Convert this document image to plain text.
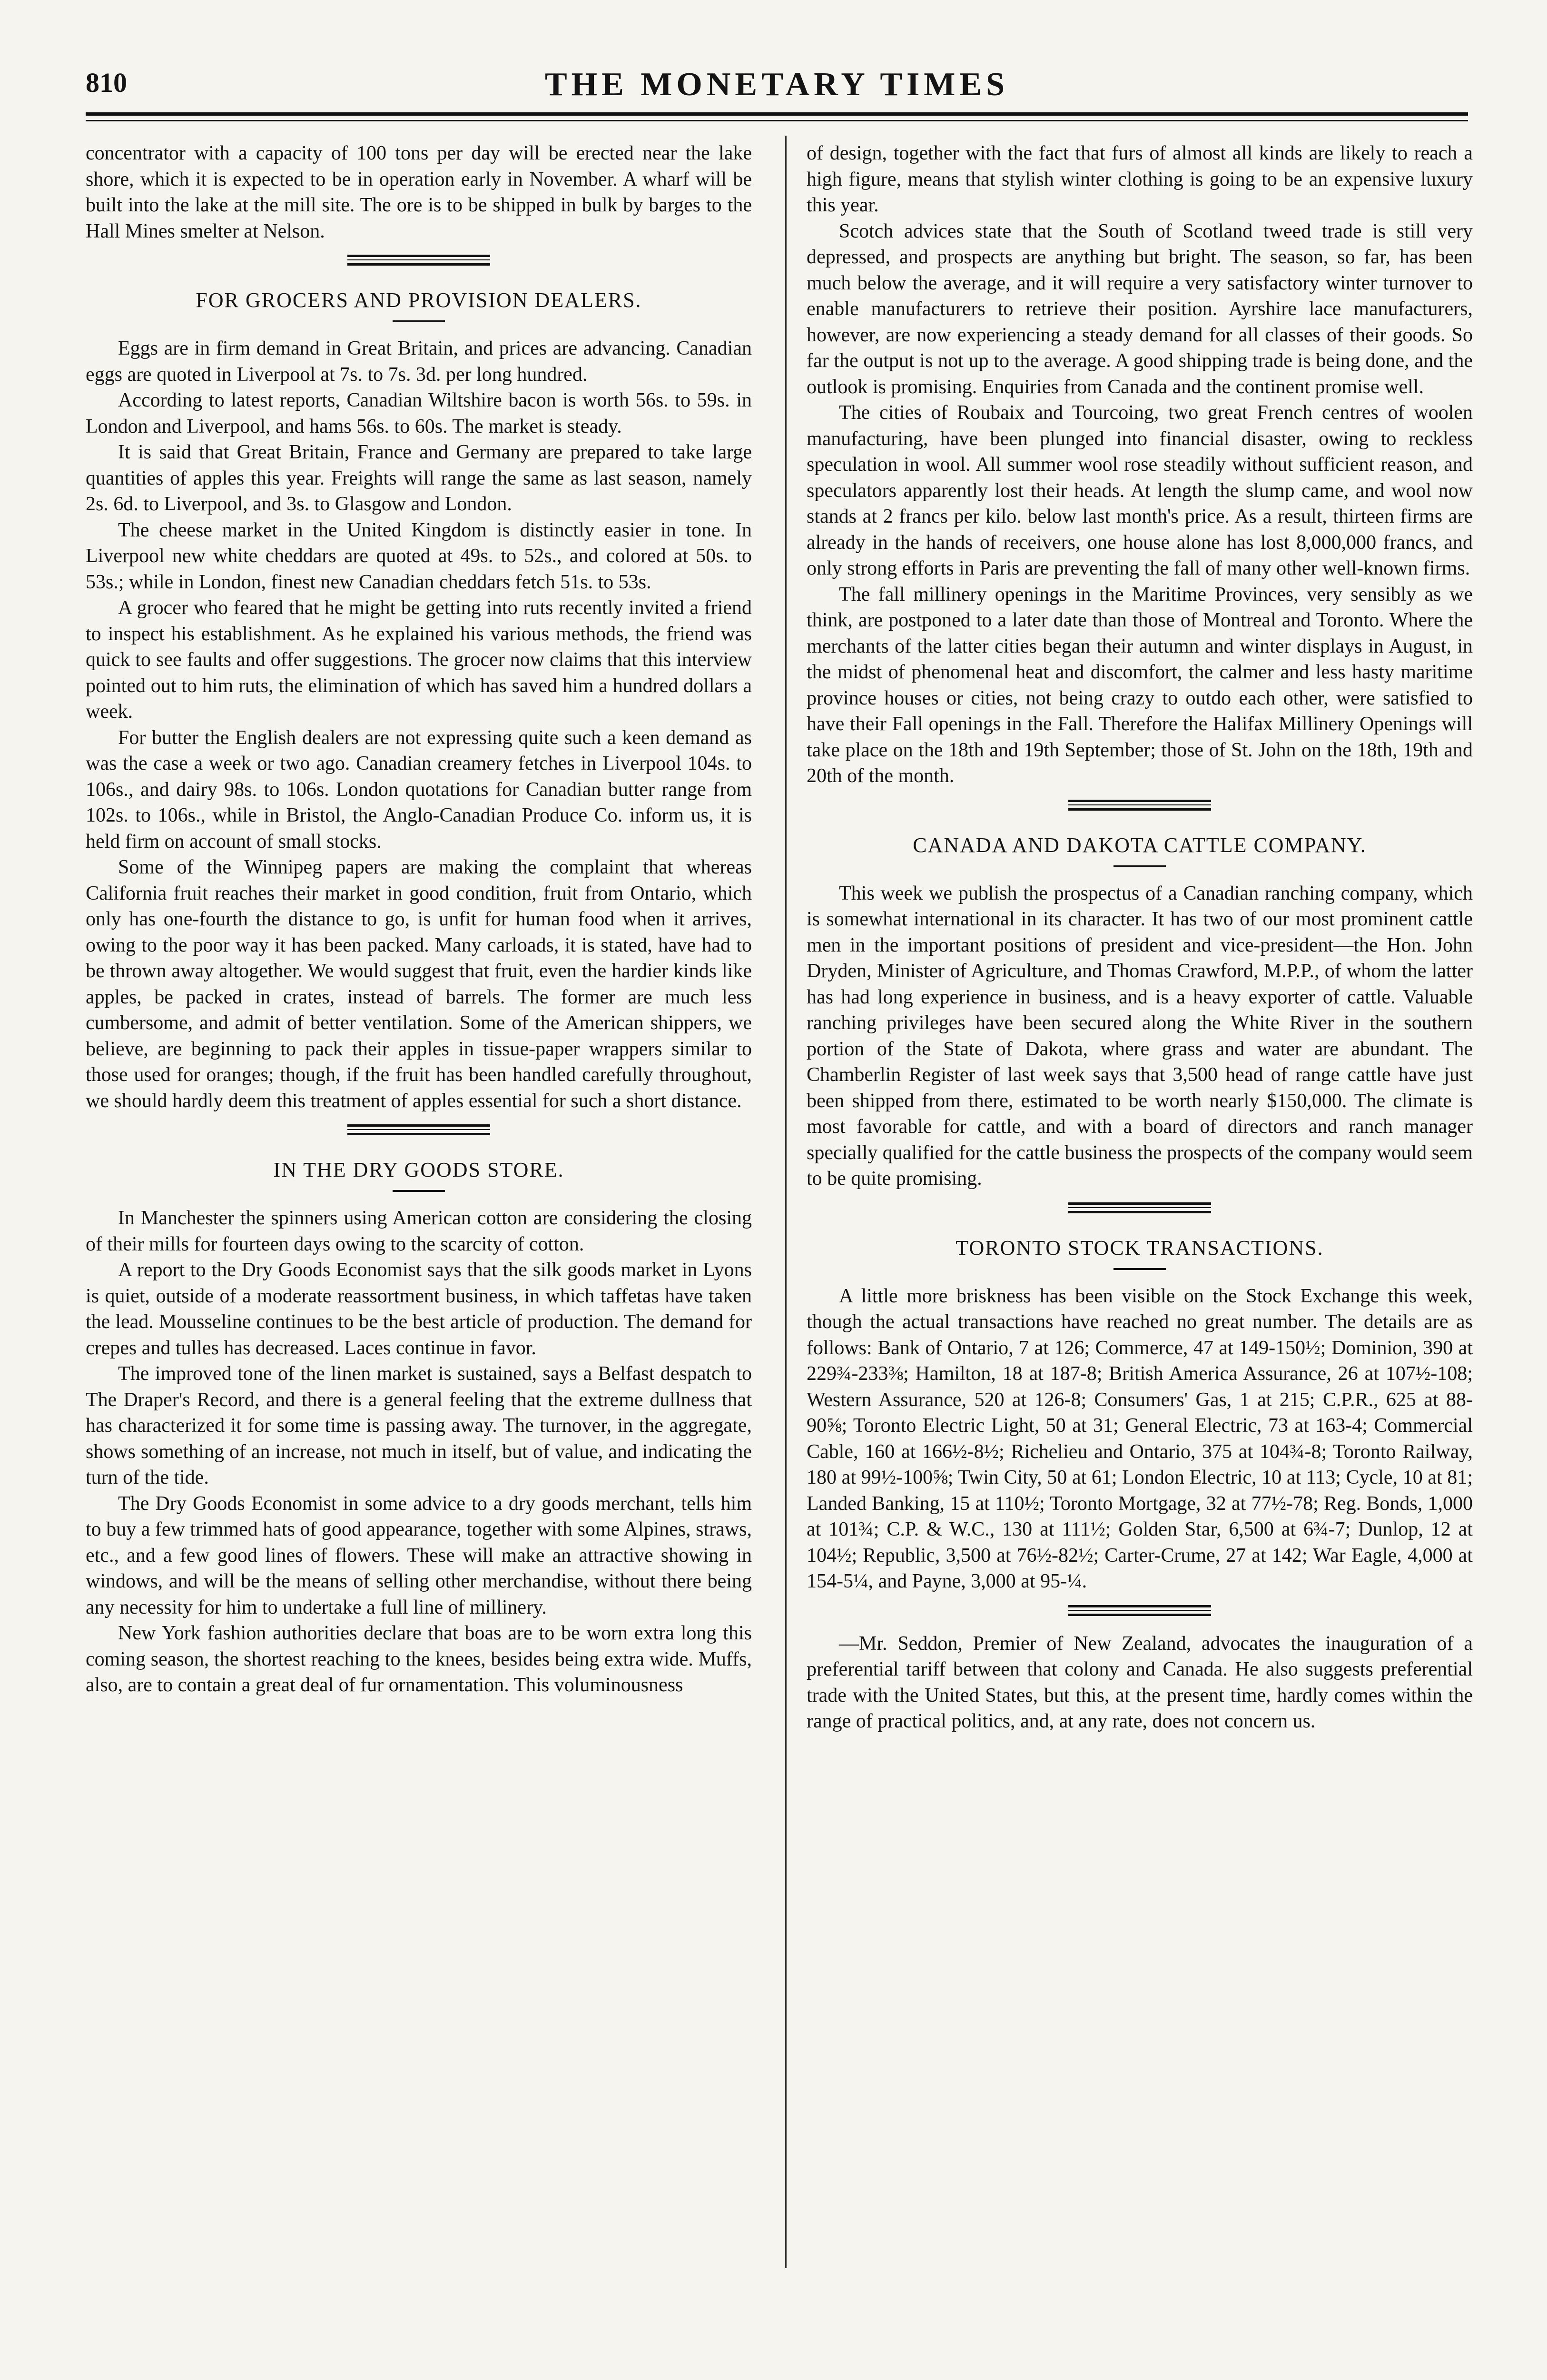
810	THE MONETARY TIMES

concentrator with a capacity of 100 tons per day will be erected near the lake shore, which it is expected to be in operation early in November. A wharf will be built into the lake at the mill site. The ore is to be shipped in bulk by barges to the Hall Mines smelter at Nelson.

FOR GROCERS AND PROVISION DEALERS.

Eggs are in firm demand in Great Britain, and prices are advancing. Canadian eggs are quoted in Liverpool at 7s. to 7s. 3d. per long hundred.

According to latest reports, Canadian Wiltshire bacon is worth 56s. to 59s. in London and Liverpool, and hams 56s. to 60s. The market is steady.

It is said that Great Britain, France and Germany are prepared to take large quantities of apples this year. Freights will range the same as last season, namely 2s. 6d. to Liverpool, and 3s. to Glasgow and London.

The cheese market in the United Kingdom is distinctly easier in tone. In Liverpool new white cheddars are quoted at 49s. to 52s., and colored at 50s. to 53s.; while in London, finest new Canadian cheddars fetch 51s. to 53s.

A grocer who feared that he might be getting into ruts recently invited a friend to inspect his establishment. As he explained his various methods, the friend was quick to see faults and offer suggestions. The grocer now claims that this interview pointed out to him ruts, the elimination of which has saved him a hundred dollars a week.

For butter the English dealers are not expressing quite such a keen demand as was the case a week or two ago. Canadian creamery fetches in Liverpool 104s. to 106s., and dairy 98s. to 106s. London quotations for Canadian butter range from 102s. to 106s., while in Bristol, the Anglo-Canadian Produce Co. inform us, it is held firm on account of small stocks.

Some of the Winnipeg papers are making the complaint that whereas California fruit reaches their market in good condition, fruit from Ontario, which only has one-fourth the distance to go, is unfit for human food when it arrives, owing to the poor way it has been packed. Many carloads, it is stated, have had to be thrown away altogether. We would suggest that fruit, even the hardier kinds like apples, be packed in crates, instead of barrels. The former are much less cumbersome, and admit of better ventilation. Some of the American shippers, we believe, are beginning to pack their apples in tissue-paper wrappers similar to those used for oranges; though, if the fruit has been handled carefully throughout, we should hardly deem this treatment of apples essential for such a short distance.

IN THE DRY GOODS STORE.

In Manchester the spinners using American cotton are considering the closing of their mills for fourteen days owing to the scarcity of cotton.

A report to the Dry Goods Economist says that the silk goods market in Lyons is quiet, outside of a moderate reassortment business, in which taffetas have taken the lead. Mousseline continues to be the best article of production. The demand for crepes and tulles has decreased. Laces continue in favor.

The improved tone of the linen market is sustained, says a Belfast despatch to The Draper's Record, and there is a general feeling that the extreme dullness that has characterized it for some time is passing away. The turnover, in the aggregate, shows something of an increase, not much in itself, but of value, and indicating the turn of the tide.

The Dry Goods Economist in some advice to a dry goods merchant, tells him to buy a few trimmed hats of good appearance, together with some Alpines, straws, etc., and a few good lines of flowers. These will make an attractive showing in windows, and will be the means of selling other merchandise, without there being any necessity for him to undertake a full line of millinery.

New York fashion authorities declare that boas are to be worn extra long this coming season, the shortest reaching to the knees, besides being extra wide. Muffs, also, are to contain a great deal of fur ornamentation. This voluminousness

of design, together with the fact that furs of almost all kinds are likely to reach a high figure, means that stylish winter clothing is going to be an expensive luxury this year.

Scotch advices state that the South of Scotland tweed trade is still very depressed, and prospects are anything but bright. The season, so far, has been much below the average, and it will require a very satisfactory winter turnover to enable manufacturers to retrieve their position. Ayrshire lace manufacturers, however, are now experiencing a steady demand for all classes of their goods. So far the output is not up to the average. A good shipping trade is being done, and the outlook is promising. Enquiries from Canada and the continent promise well.

The cities of Roubaix and Tourcoing, two great French centres of woolen manufacturing, have been plunged into financial disaster, owing to reckless speculation in wool. All summer wool rose steadily without sufficient reason, and speculators apparently lost their heads. At length the slump came, and wool now stands at 2 francs per kilo. below last month's price. As a result, thirteen firms are already in the hands of receivers, one house alone has lost 8,000,000 francs, and only strong efforts in Paris are preventing the fall of many other well-known firms.

The fall millinery openings in the Maritime Provinces, very sensibly as we think, are postponed to a later date than those of Montreal and Toronto. Where the merchants of the latter cities began their autumn and winter displays in August, in the midst of phenomenal heat and discomfort, the calmer and less hasty maritime province houses or cities, not being crazy to outdo each other, were satisfied to have their Fall openings in the Fall. Therefore the Halifax Millinery Openings will take place on the 18th and 19th September; those of St. John on the 18th, 19th and 20th of the month.

CANADA AND DAKOTA CATTLE COMPANY.

This week we publish the prospectus of a Canadian ranching company, which is somewhat international in its character. It has two of our most prominent cattle men in the important positions of president and vice-president—the Hon. John Dryden, Minister of Agriculture, and Thomas Crawford, M.P.P., of whom the latter has had long experience in business, and is a heavy exporter of cattle. Valuable ranching privileges have been secured along the White River in the southern portion of the State of Dakota, where grass and water are abundant. The Chamberlin Register of last week says that 3,500 head of range cattle have just been shipped from there, estimated to be worth nearly $150,000. The climate is most favorable for cattle, and with a board of directors and ranch manager specially qualified for the cattle business the prospects of the company would seem to be quite promising.

TORONTO STOCK TRANSACTIONS.

A little more briskness has been visible on the Stock Exchange this week, though the actual transactions have reached no great number. The details are as follows: Bank of Ontario, 7 at 126; Commerce, 47 at 149-150½; Dominion, 390 at 229¾-233⅜; Hamilton, 18 at 187-8; British America Assurance, 26 at 107½-108; Western Assurance, 520 at 126-8; Consumers' Gas, 1 at 215; C.P.R., 625 at 88-90⅝; Toronto Electric Light, 50 at 31; General Electric, 73 at 163-4; Commercial Cable, 160 at 166½-8½; Richelieu and Ontario, 375 at 104¾-8; Toronto Railway, 180 at 99½-100⅝; Twin City, 50 at 61; London Electric, 10 at 113; Cycle, 10 at 81; Landed Banking, 15 at 110½; Toronto Mortgage, 32 at 77½-78; Reg. Bonds, 1,000 at 101¾; C.P. & W.C., 130 at 111½; Golden Star, 6,500 at 6¾-7; Dunlop, 12 at 104½; Republic, 3,500 at 76½-82½; Carter-Crume, 27 at 142; War Eagle, 4,000 at 154-5¼, and Payne, 3,000 at 95-¼.

—Mr. Seddon, Premier of New Zealand, advocates the inauguration of a preferential tariff between that colony and Canada. He also suggests preferential trade with the United States, but this, at the present time, hardly comes within the range of practical politics, and, at any rate, does not concern us.
